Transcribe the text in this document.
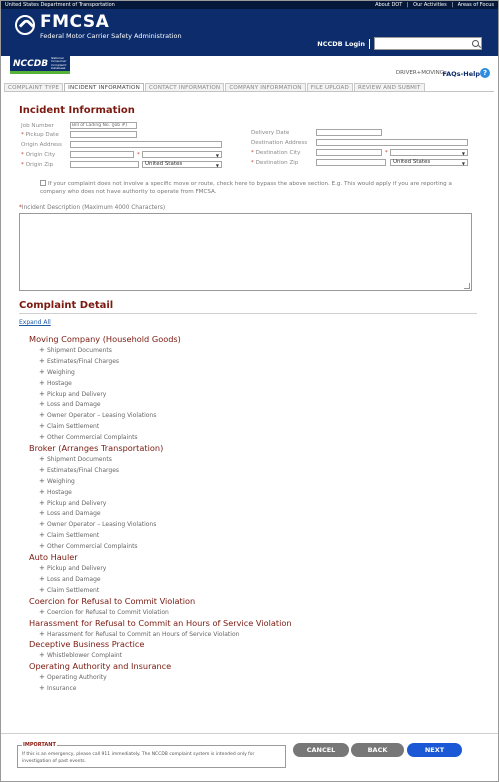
United States Department of Transportation	About DOT | Our Activities | Areas of Focus
FMCSA
Federal Motor Carrier Safety Administration
NCCDB Login
NCCDB
National Consumer
Complaint Database
DRIVER+MOVING
FAQs-Help ?
COMPLAINT TYPE	INCIDENT INFORMATION	CONTACT INFORMATION	COMPANY INFORMATION	FILE UPLOAD	REVIEW AND SUBMIT
Incident Information
Job Number	Bill of Lading No. (Job #)
* Pickup Date	Delivery Date
Origin Address	Destination Address
* Origin City	*	▼	* Destination City	*	▼
* Origin Zip	United States	▼	* Destination Zip	United States	▼
If your complaint does not involve a specific move or route, check here to bypass the above section. E.g. This would apply if you are reporting a company who does not have authority to operate from FMCSA.
*Incident Description (Maximum 4000 Characters)
Complaint Detail
Expand All
Moving Company (Household Goods)
+ Shipment Documents
+ Estimates/Final Charges
+ Weighing
+ Hostage
+ Pickup and Delivery
+ Loss and Damage
+ Owner Operator – Leasing Violations
+ Claim Settlement
+ Other Commercial Complaints
Broker (Arranges Transportation)
+ Shipment Documents
+ Estimates/Final Charges
+ Weighing
+ Hostage
+ Pickup and Delivery
+ Loss and Damage
+ Owner Operator – Leasing Violations
+ Claim Settlement
+ Other Commercial Complaints
Auto Hauler
+ Pickup and Delivery
+ Loss and Damage
+ Claim Settlement
Coercion for Refusal to Commit Violation
+ Coercion for Refusal to Commit Violation
Harassment for Refusal to Commit an Hours of Service Violation
+ Harassment for Refusal to Commit an Hours of Service Violation
Deceptive Business Practice
+ Whistleblower Complaint
Operating Authority and Insurance
+ Operating Authority
+ Insurance
IMPORTANT
If this is an emergency, please call 911 immediately. The NCCDB complaint system is intended only for investigation of past events.
CANCEL	BACK	NEXT
